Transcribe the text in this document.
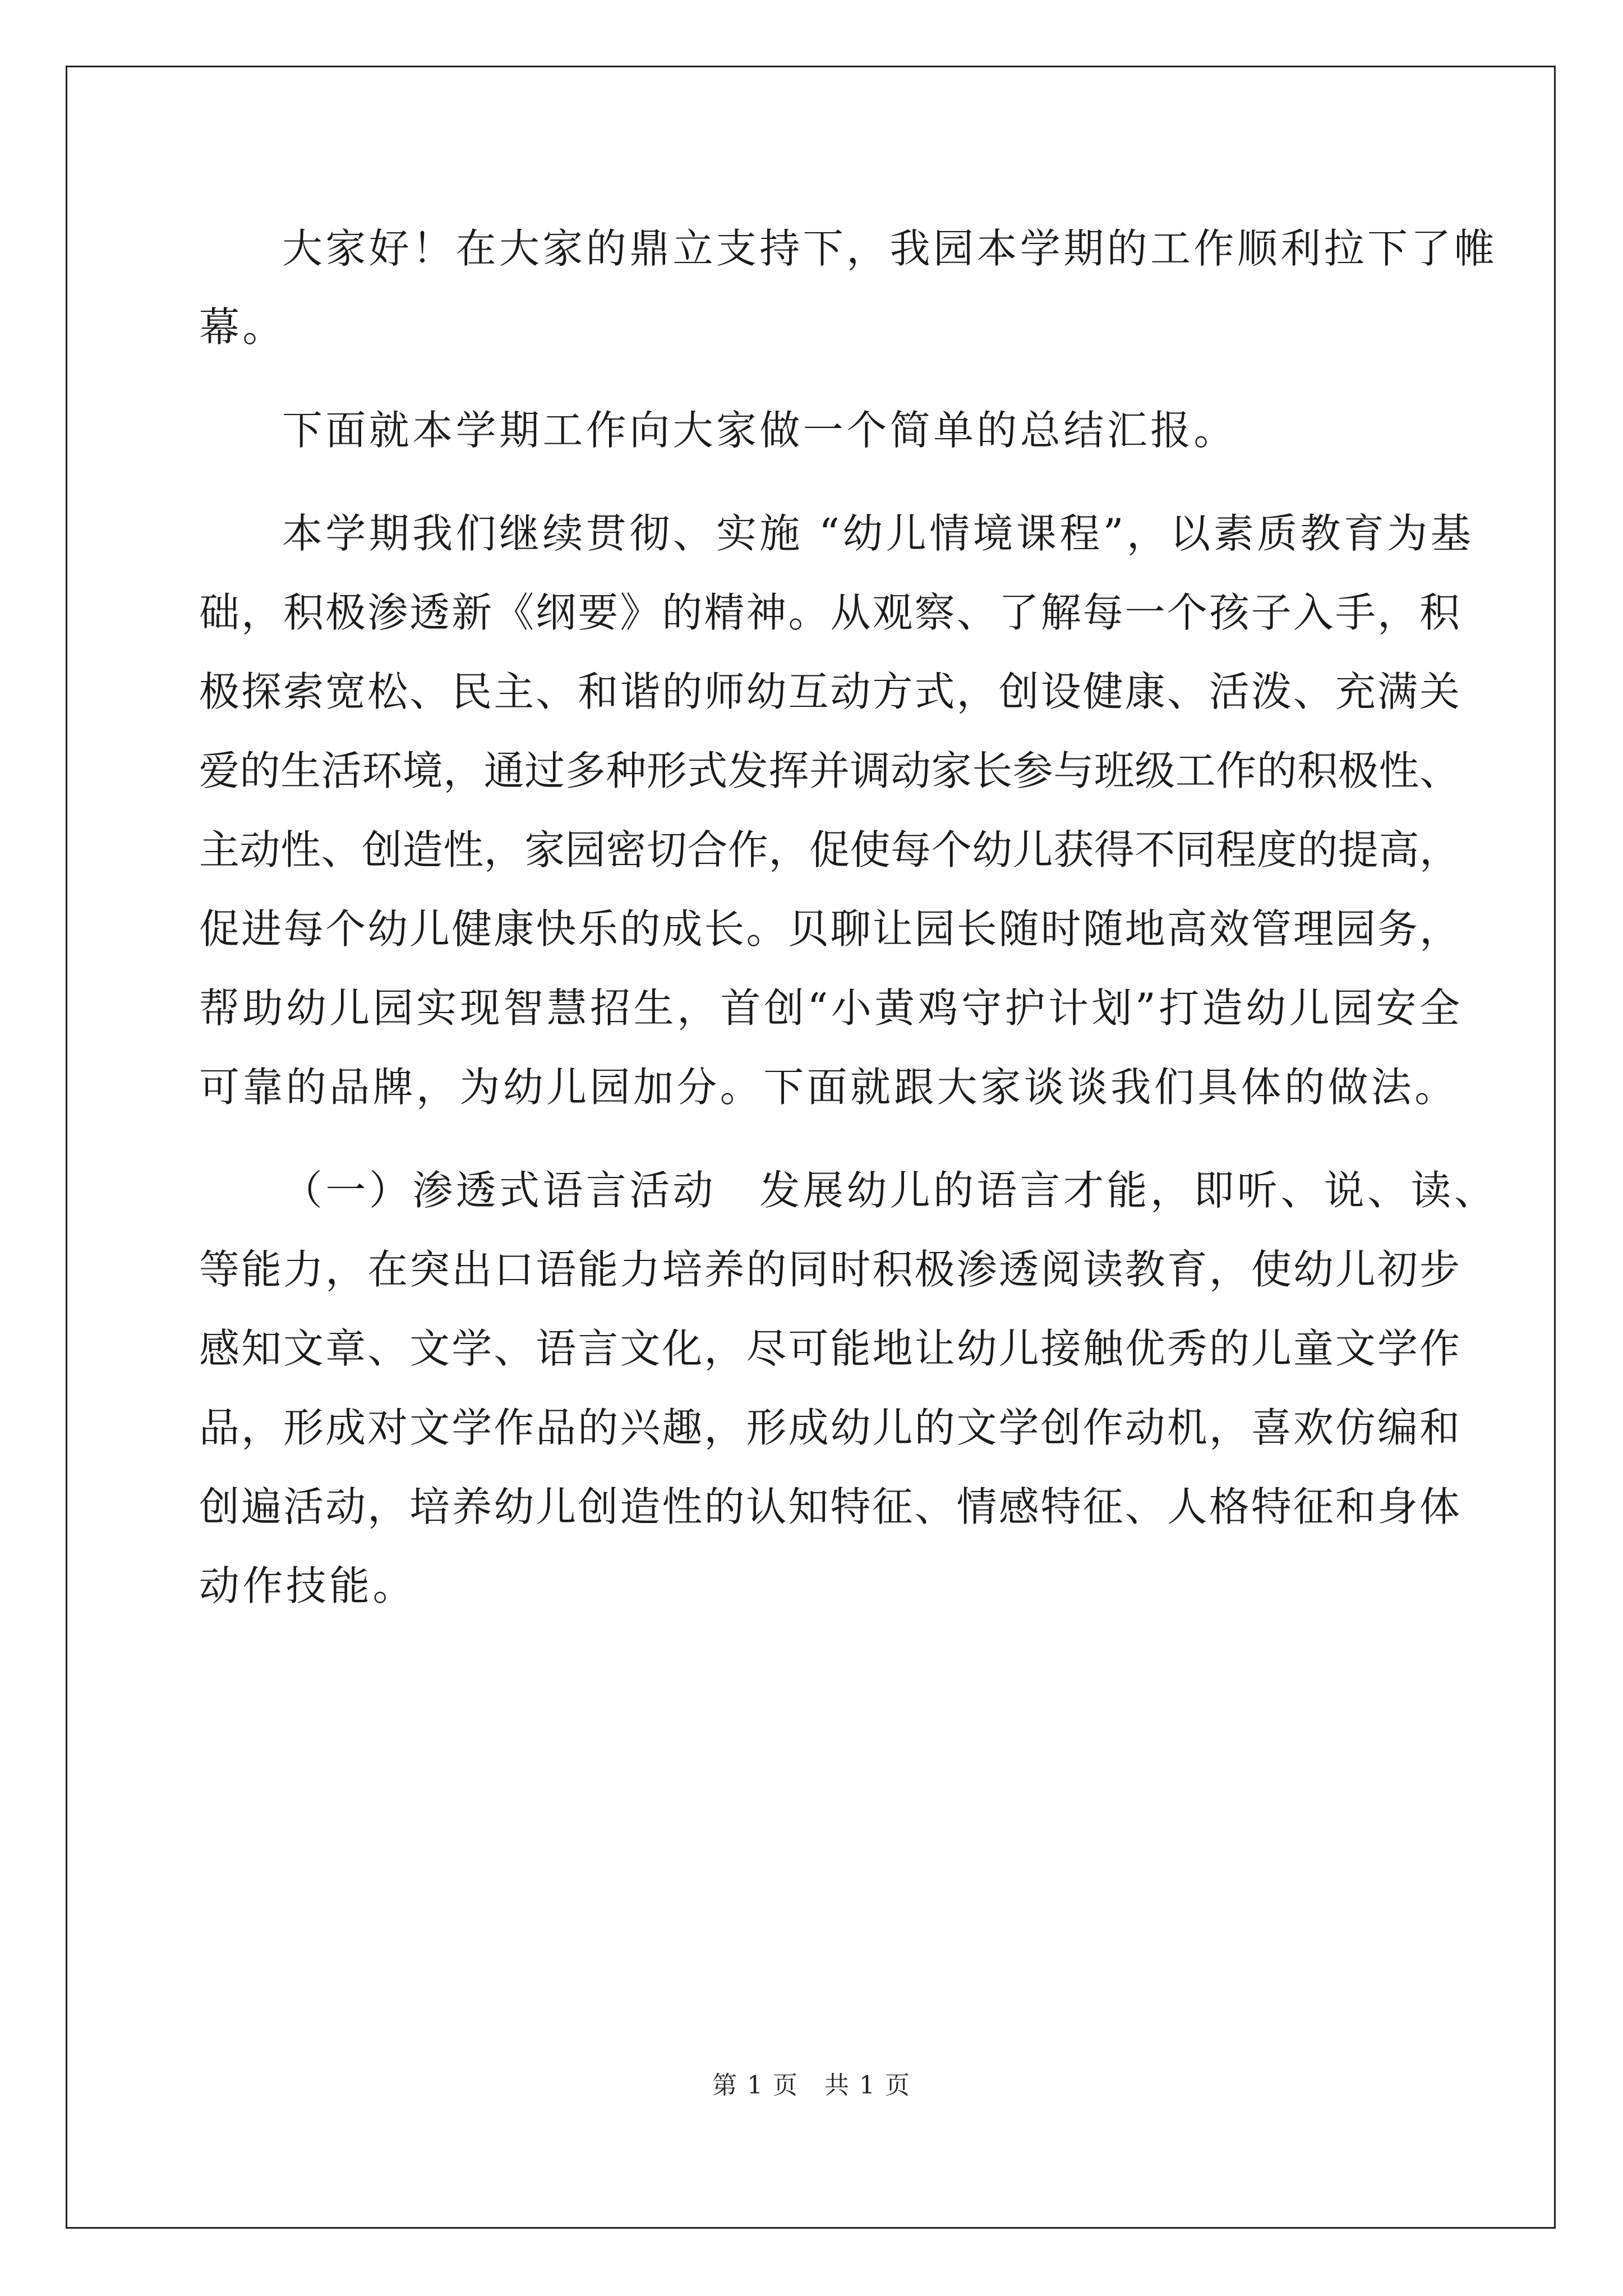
大家好！在大家的鼎立支持下，我园本学期的工作顺利拉下了帷
幕。
下面就本学期工作向大家做一个简单的总结汇报。
本学期我们继续贯彻、实施 “幼儿情境课程”，以素质教育为基
础，积极渗透新《纲要》的精神。从观察、了解每一个孩子入手，积
极探索宽松、民主、和谐的师幼互动方式，创设健康、活泼、充满关
爱的生活环境，通过多种形式发挥并调动家长参与班级工作的积极性、
主动性、创造性，家园密切合作，促使每个幼儿获得不同程度的提高，
促进每个幼儿健康快乐的成长。贝聊让园长随时随地高效管理园务，
帮助幼儿园实现智慧招生，首创“小黄鸡守护计划”打造幼儿园安全
可靠的品牌，为幼儿园加分。下面就跟大家谈谈我们具体的做法。
（一）渗透式语言活动　发展幼儿的语言才能，即听、说、读、
等能力，在突出口语能力培养的同时积极渗透阅读教育，使幼儿初步
感知文章、文学、语言文化，尽可能地让幼儿接触优秀的儿童文学作
品，形成对文学作品的兴趣，形成幼儿的文学创作动机，喜欢仿编和
创遍活动，培养幼儿创造性的认知特征、情感特征、人格特征和身体
动作技能。
第 1 页　共 1 页
